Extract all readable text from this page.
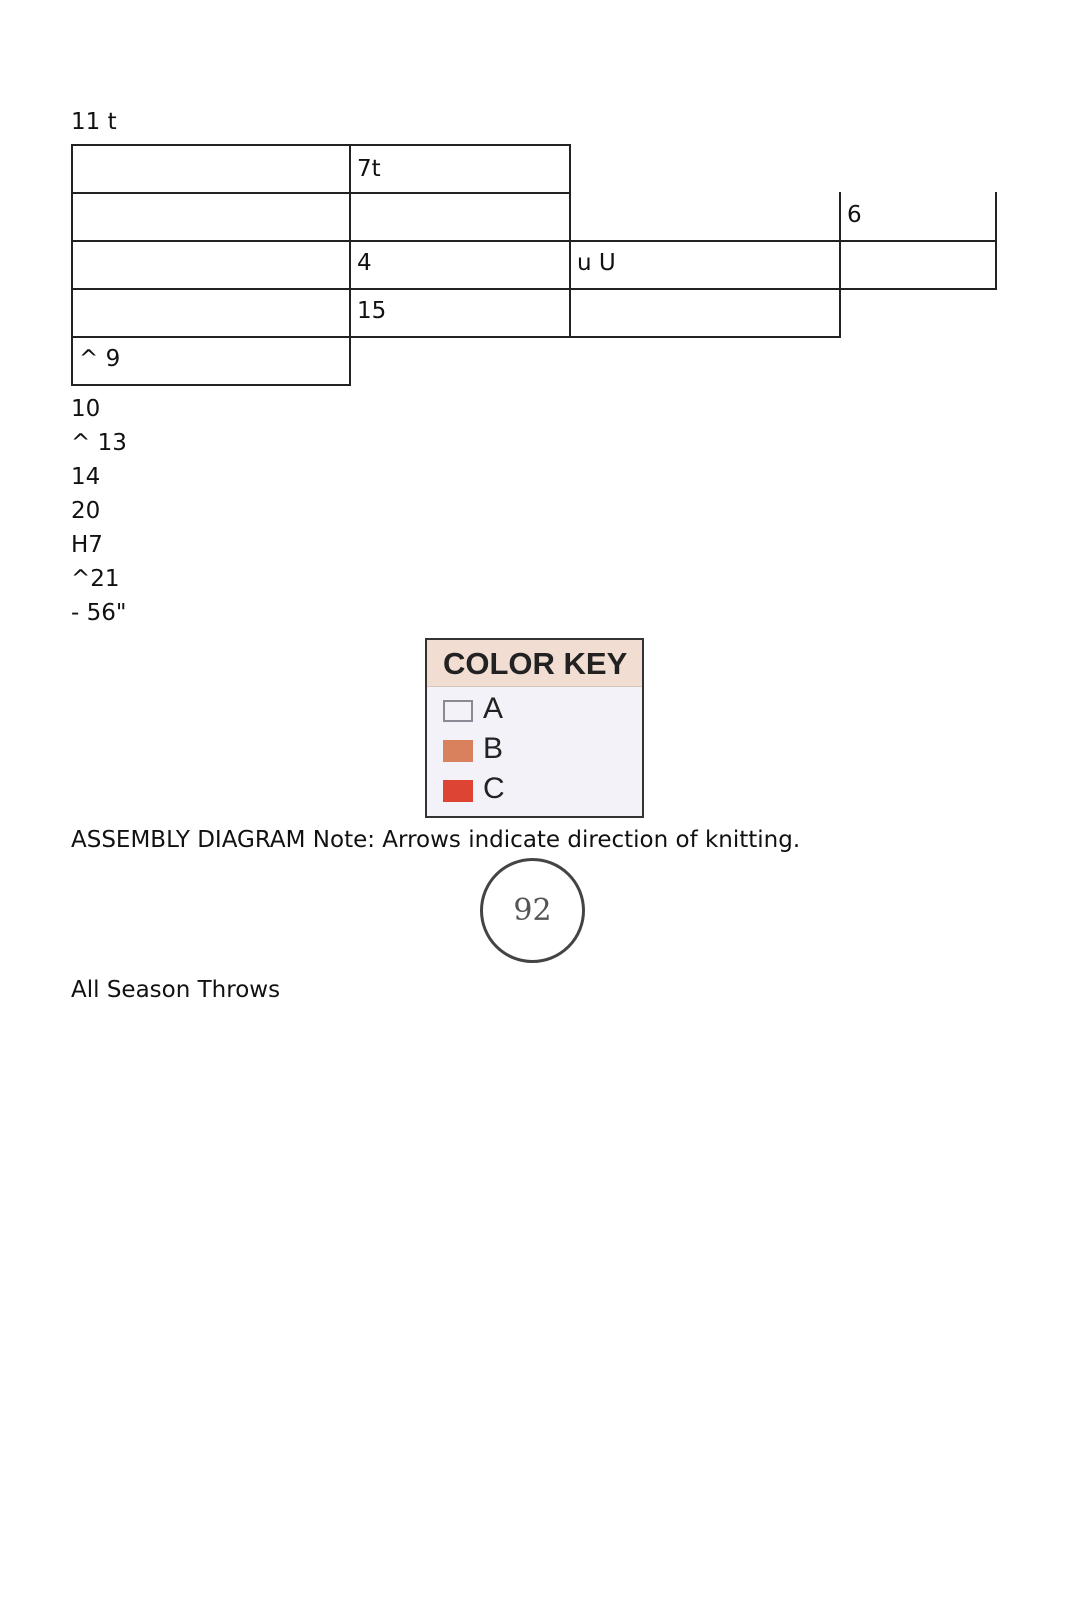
11 t
7t
6
4	u U
15
^ 9
10
^ 13
14
20
H7
^21
- 56"
COLOR KEY
A
B
C
ASSEMBLY DIAGRAM Note: Arrows indicate direction of knitting.
92
All Season Throws
